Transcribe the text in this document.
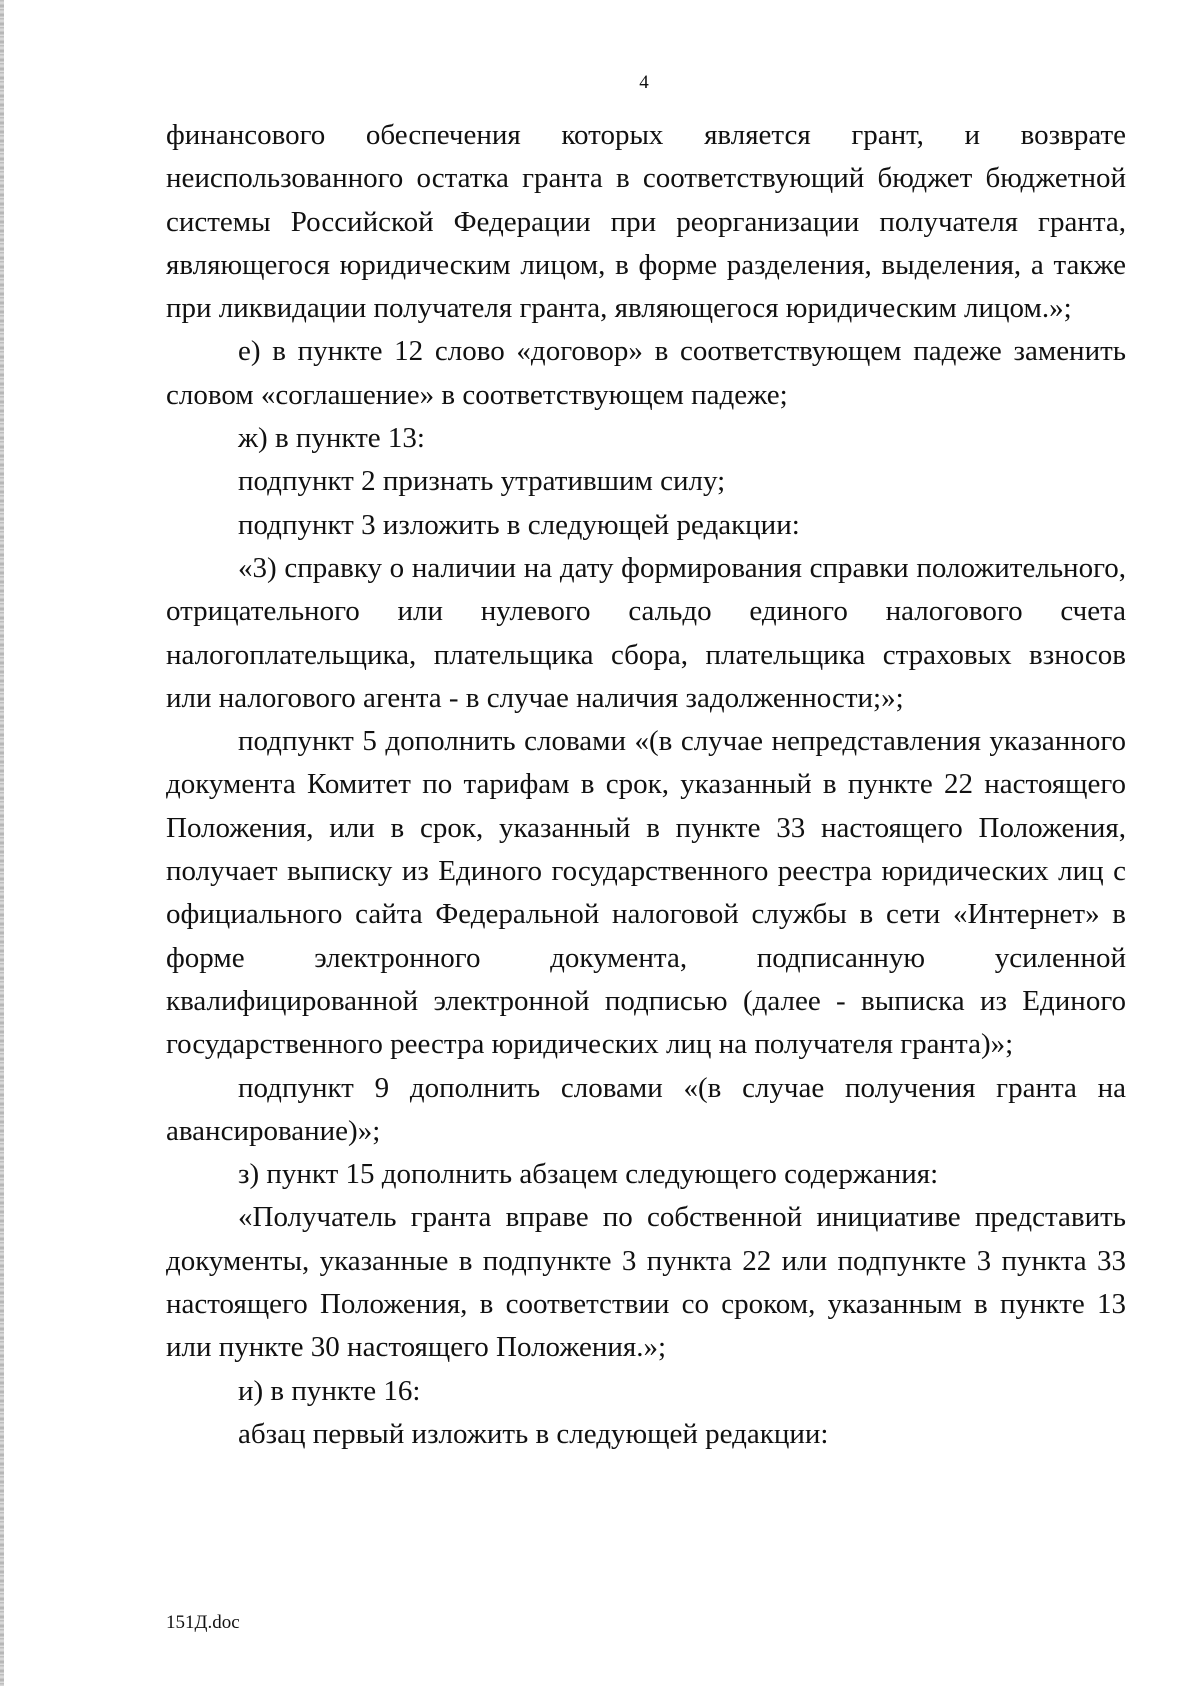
4

финансового обеспечения которых является грант, и возврате неиспользованного остатка гранта в соответствующий бюджет бюджетной системы Российской Федерации при реорганизации получателя гранта, являющегося юридическим лицом, в форме разделения, выделения, а также при ликвидации получателя гранта, являющегося юридическим лицом.»;

е) в пункте 12 слово «договор» в соответствующем падеже заменить словом «соглашение» в соответствующем падеже;

ж) в пункте 13:

подпункт 2 признать утратившим силу;

подпункт 3 изложить в следующей редакции:

«3) справку о наличии на дату формирования справки положительного, отрицательного или нулевого сальдо единого налогового счета налогоплательщика, плательщика сбора, плательщика страховых взносов или налогового агента - в случае наличия задолженности;»;

подпункт 5 дополнить словами «(в случае непредставления указанного документа Комитет по тарифам в срок, указанный в пункте 22 настоящего Положения, или в срок, указанный в пункте 33 настоящего Положения, получает выписку из Единого государственного реестра юридических лиц с официального сайта Федеральной налоговой службы в сети «Интернет» в форме электронного документа, подписанную усиленной квалифицированной электронной подписью (далее - выписка из Единого государственного реестра юридических лиц на получателя гранта)»;

подпункт 9 дополнить словами «(в случае получения гранта на авансирование)»;

з) пункт 15 дополнить абзацем следующего содержания:

«Получатель гранта вправе по собственной инициативе представить документы, указанные в подпункте 3 пункта 22 или подпункте 3 пункта 33 настоящего Положения, в соответствии со сроком, указанным в пункте 13 или пункте 30 настоящего Положения.»;

и) в пункте 16:

абзац первый изложить в следующей редакции:

151Д.doc
